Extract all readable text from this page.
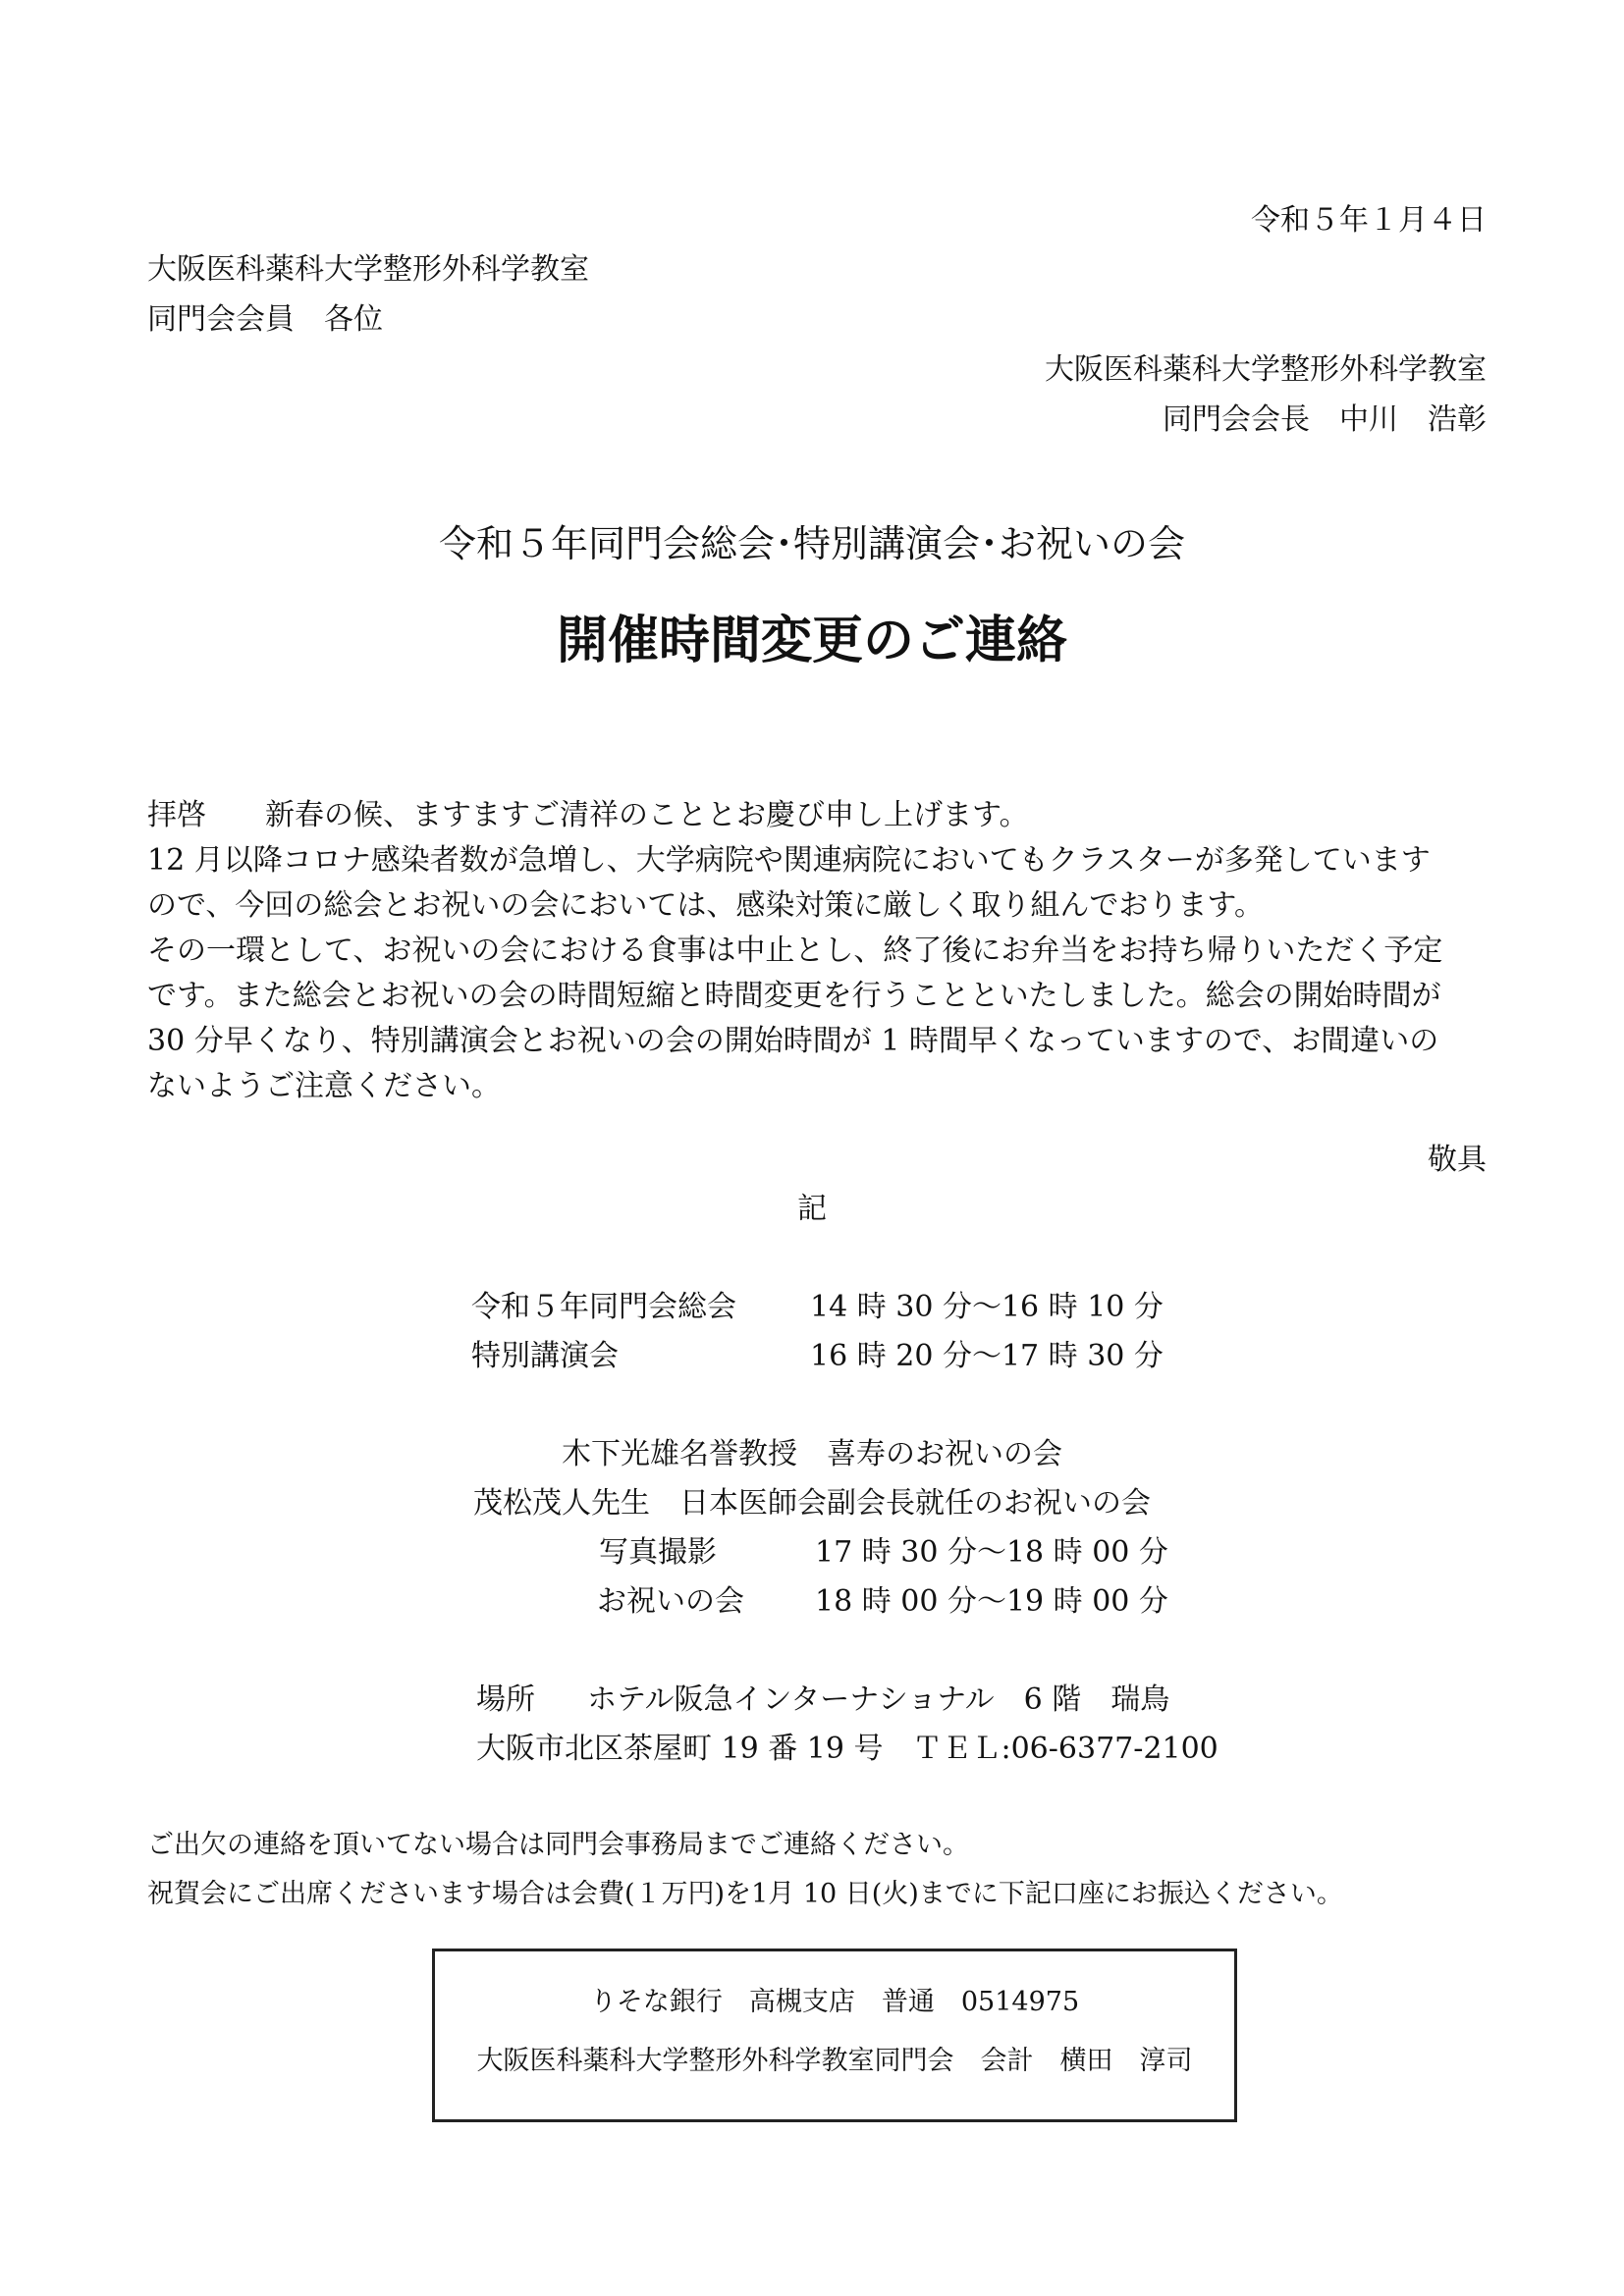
令和５年１月４日
大阪医科薬科大学整形外科学教室
同門会会員　各位
大阪医科薬科大学整形外科学教室
同門会会長　中川　浩彰
令和５年同門会総会･特別講演会･お祝いの会
開催時間変更のご連絡
拝啓　　新春の候、ますますご清祥のこととお慶び申し上げます。
12 月以降コロナ感染者数が急増し、大学病院や関連病院においてもクラスターが多発しています
ので、今回の総会とお祝いの会においては、感染対策に厳しく取り組んでおります。
その一環として、お祝いの会における食事は中止とし、終了後にお弁当をお持ち帰りいただく予定
です。また総会とお祝いの会の時間短縮と時間変更を行うことといたしました。総会の開始時間が
30 分早くなり、特別講演会とお祝いの会の開始時間が 1 時間早くなっていますので、お間違いの
ないようご注意ください。
敬具
記
令和５年同門会総会	14 時 30 分～16 時 10 分
特別講演会	16 時 20 分～17 時 30 分
木下光雄名誉教授　喜寿のお祝いの会
茂松茂人先生　日本医師会副会長就任のお祝いの会
写真撮影	17 時 30 分～18 時 00 分
お祝いの会 18 時 00 分～19 時 00 分
場所 ホテル阪急インターナショナル　6 階　瑞鳥
大阪市北区茶屋町 19 番 19 号　ＴＥＬ:06-6377-2100
ご出欠の連絡を頂いてない場合は同門会事務局までご連絡ください。
祝賀会にご出席くださいます場合は会費(１万円)を1月 10 日(火)までに下記口座にお振込ください。
りそな銀行　高槻支店　普通　0514975
大阪医科薬科大学整形外科学教室同門会　会計　横田　淳司
